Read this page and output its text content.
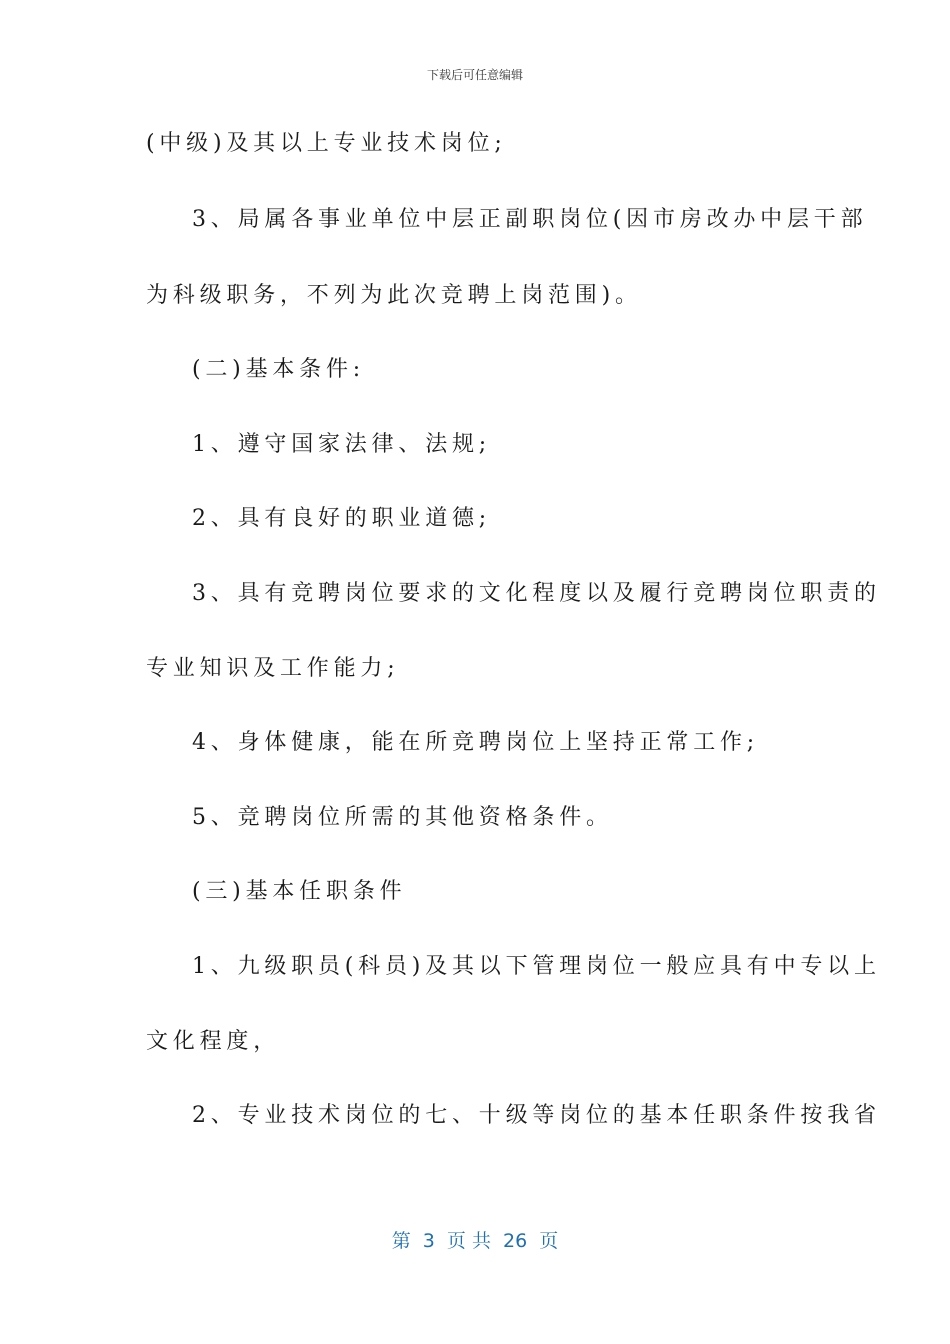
下载后可任意编辑
(中级)及其以上专业技术岗位;
3、局属各事业单位中层正副职岗位(因市房改办中层干部
为科级职务，不列为此次竞聘上岗范围)。
(二)基本条件:
1、遵守国家法律、法规;
2、具有良好的职业道德;
3、具有竞聘岗位要求的文化程度以及履行竞聘岗位职责的
专业知识及工作能力;
4、身体健康，能在所竞聘岗位上坚持正常工作;
5、竞聘岗位所需的其他资格条件。
(三)基本任职条件
1、九级职员(科员)及其以下管理岗位一般应具有中专以上
文化程度，
2、专业技术岗位的七、十级等岗位的基本任职条件按我省
第  3  页 共  26  页
